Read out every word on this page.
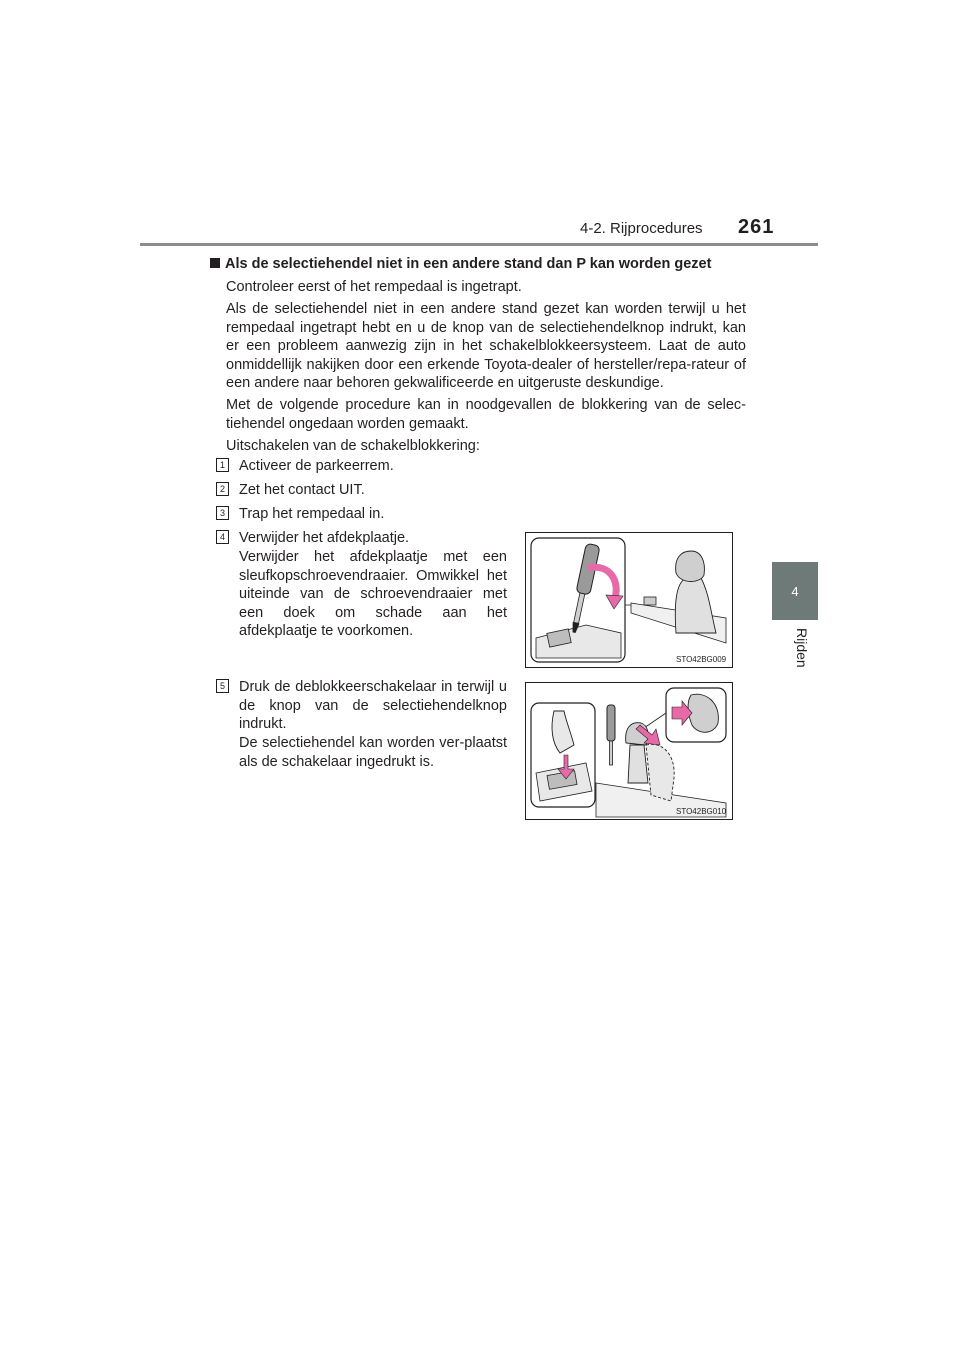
4-2. Rijprocedures 261
4
Rijden
Als de selectiehendel niet in een andere stand dan P kan worden gezet
Controleer eerst of het rempedaal is ingetrapt.
Als de selectiehendel niet in een andere stand gezet kan worden terwijl u het rempedaal ingetrapt hebt en u de knop van de selectiehendelknop indrukt, kan er een probleem aanwezig zijn in het schakelblokkeersysteem. Laat de auto onmiddellijk nakijken door een erkende Toyota-dealer of hersteller/repa-rateur of een andere naar behoren gekwalificeerde en uitgeruste deskundige.
Met de volgende procedure kan in noodgevallen de blokkering van de selec-tiehendel ongedaan worden gemaakt.
Uitschakelen van de schakelblokkering:
1 Activeer de parkeerrem.
2 Zet het contact UIT.
3 Trap het rempedaal in.
4 Verwijder het afdekplaatje.
Verwijder het afdekplaatje met een sleufkopschroevendraaier. Omwikkel het uiteinde van de schroevendraaier met een doek om schade aan het afdekplaatje te voorkomen.
STO42BG009
5 Druk de deblokkeerschakelaar in terwijl u de knop van de selectiehendelknop indrukt.
De selectiehendel kan worden ver-plaatst als de schakelaar ingedrukt is.
STO42BG010
